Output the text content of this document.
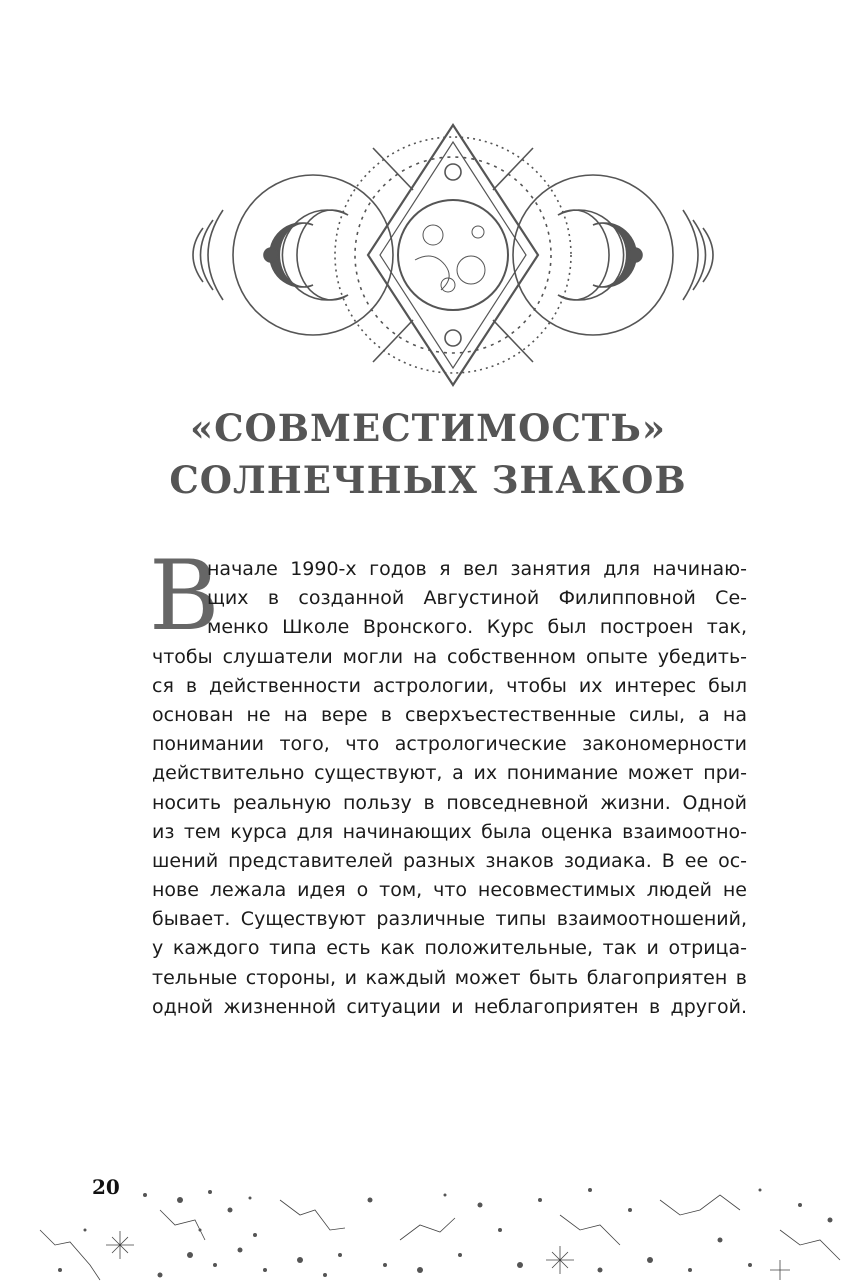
«СОВМЕСТИМОСТЬ»
СОЛНЕЧНЫХ ЗНАКОВ
В
начале 1990-х годов я вел занятия для начинаю-
щих в созданной Августиной Филипповной Се-
менко Школе Вронского. Курс был построен так,
чтобы слушатели могли на собственном опыте убедить-
ся в действенности астрологии, чтобы их интерес был
основан не на вере в сверхъестественные силы, а на
понимании того, что астрологические закономерности
действительно существуют, а их понимание может при-
носить реальную пользу в повседневной жизни. Одной
из тем курса для начинающих была оценка взаимоотно-
шений представителей разных знаков зодиака. В ее ос-
нове лежала идея о том, что несовместимых людей не
бывает. Существуют различные типы взаимоотношений,
у каждого типа есть как положительные, так и отрица-
тельные стороны, и каждый может быть благоприятен в
одной жизненной ситуации и неблагоприятен в другой.
20
